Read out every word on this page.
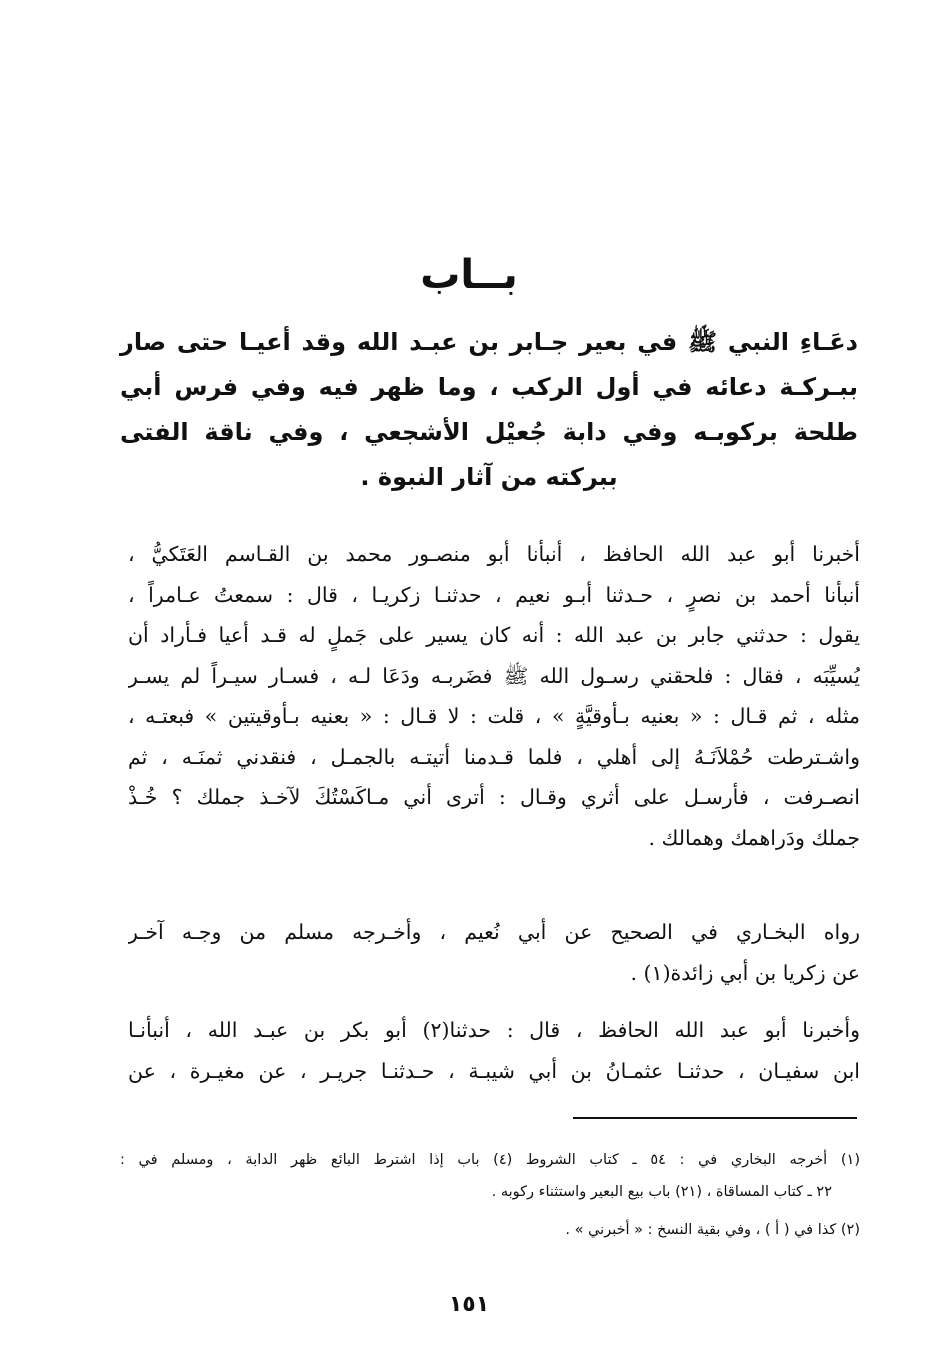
بــاب
دعَـاءِ النبي ﷺ في بعير جـابر بن عبـد الله وقد أعيـا حتى صار ببـركـة دعائه في أول الركب ، وما ظهر فيه وفي فرس أبي طلحة بركوبـه وفي دابة جُعيْل الأشجعي ، وفي ناقة الفتى ببركته من آثار النبوة .
أخبرنا أبو عبد الله الحافظ ، أنبأنا أبو منصـور محمد بن القـاسم العَتَكيُّ ،
أنبأنا أحمد بن نصرٍ ، حـدثنا أبـو نعيم ، حدثنـا زكريـا ، قال : سمعتُ عـامراً ،
يقول : حدثني جابر بن عبد الله : أنه كان يسير على جَملٍ له قـد أعيا فـأراد أن
يُسيِّبَه ، فقال : فلحقني رسـول الله ﷺ فضَربـه ودَعَا لـه ، فسـار سيـراً لم يسـر
مثله ، ثم قـال : « بعنيه بـأوقيَّةٍ » ، قلت : لا قـال : « بعنيه بـأوقيتين » فبعتـه ،
واشـترطت حُمْلاَنَـهُ إلى أهلي ، فلما قـدمنا أتيتـه بالجمـل ، فنقدني ثمنَـه ، ثم
انصـرفت ، فأرسـل على أثري وقـال : أترى أني مـاكَسْتُكَ لآخـذ جملك ؟ خُـذْ
جملك ودَراهمك وهمالك .
رواه البخـاري في الصحيح عن أبي نُعيم ، وأخـرجه مسلم من وجـه آخـر
عن زكريا بن أبي زائدة(١) .
وأخبرنا أبو عبد الله الحافظ ، قال : حدثنا(٢) أبو بكر بن عبـد الله ، أنبأنـا
ابن سفيـان ، حدثنـا عثمـانُ بن أبي شيبـة ، حـدثنـا جريـر ، عن مغيـرة ، عن
(١) أخرجه البخاري في : ٥٤ ـ كتاب الشروط (٤) باب إذا اشترط البائع ظهر الدابة ، ومسلم في :
٢٢ ـ كتاب المساقاة ، (٢١) باب بيع البعير واستثناء ركوبه .
(٢) كذا في ( أ ) ، وفي بقية النسخ : « أخبرني » .
١٥١
